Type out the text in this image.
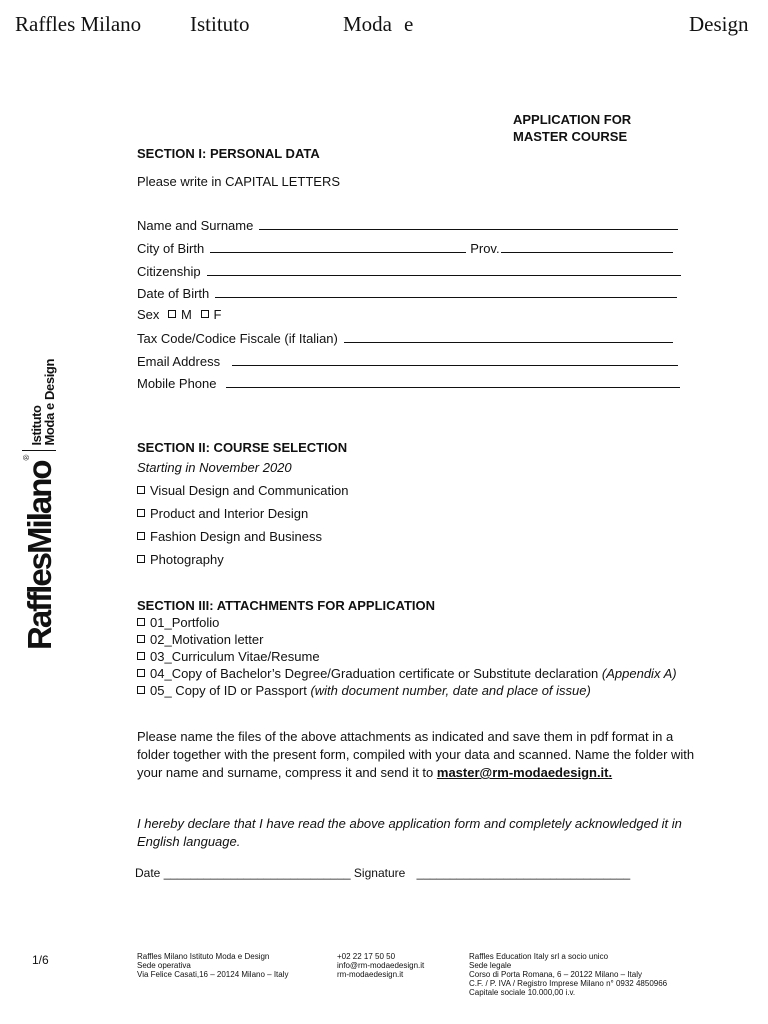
Raffles Milano Istituto	Moda e	Design
RafflesMilano
®
Istituto
Moda e Design
APPLICATION FOR
MASTER COURSE
SECTION I: PERSONAL DATA
Please write in CAPITAL LETTERS
Name and Surname
City of Birth	Prov.
Citizenship
Date of Birth
Sex M F
Tax Code/Codice Fiscale (if Italian)
Email Address
Mobile Phone
SECTION II: COURSE SELECTION
Starting in November 2020
Visual Design and Communication
Product and Interior Design
Fashion Design and Business
Photography
SECTION III: ATTACHMENTS FOR APPLICATION
01_Portfolio
02_Motivation letter
03_Curriculum Vitae/Resume
04_Copy of Bachelor’s Degree/Graduation certificate or Substitute declaration (Appendix A)
05_ Copy of ID or Passport (with document number, date and place of issue)
Please name the files of the above attachments as indicated and save them in pdf format in a folder together with the present form, compiled with your data and scanned. Name the folder with your name and surname, compress it and send it to master@rm-modaedesign.it.
I hereby declare that I have read the above application form and completely acknowledged it in English language.
Date ____________________________ Signature ________________________________
1/6	Raffles Milano Istituto Moda e Design
Sede operativa
Via Felice Casati,16 – 20124 Milano – Italy
+02 22 17 50 50
info@rm-modaedesign.it
rm-modaedesign.it
Raffles Education Italy srl a socio unico
Sede legale
Corso di Porta Romana, 6 – 20122 Milano – Italy
C.F. / P. IVA / Registro Imprese Milano n° 0932 4850966
Capitale sociale 10.000,00 i.v.
